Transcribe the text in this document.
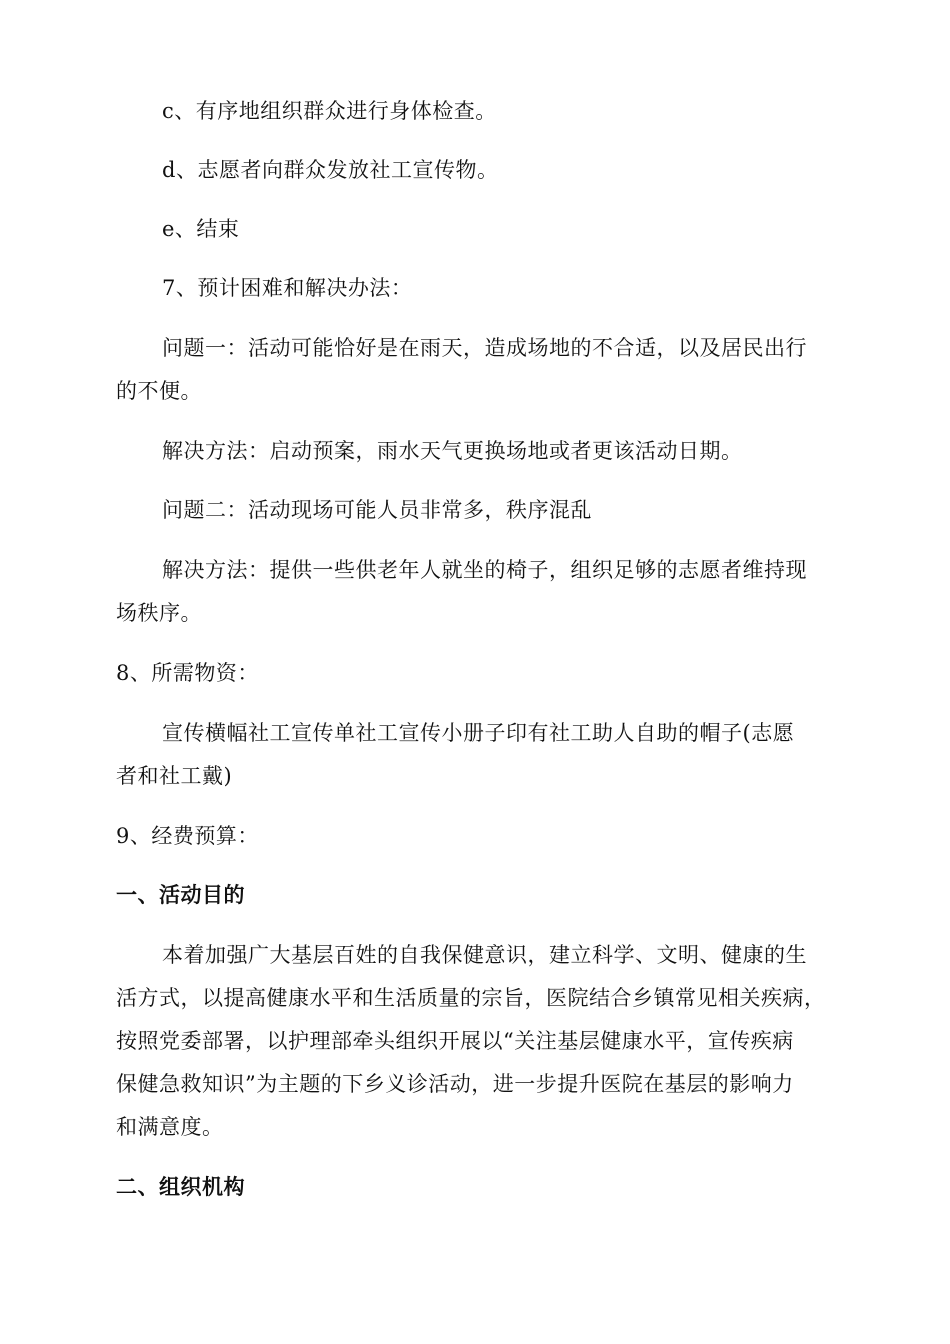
c、有序地组织群众进行身体检查。
d、志愿者向群众发放社工宣传物。
e、结束
7、预计困难和解决办法：
问题一：活动可能恰好是在雨天，造成场地的不合适，以及居民出行
的不便。
解决方法：启动预案，雨水天气更换场地或者更该活动日期。
问题二：活动现场可能人员非常多，秩序混乱
解决方法：提供一些供老年人就坐的椅子，组织足够的志愿者维持现
场秩序。
8、所需物资：
宣传横幅社工宣传单社工宣传小册子印有社工助人自助的帽子(志愿
者和社工戴)
9、经费预算：
一、活动目的
本着加强广大基层百姓的自我保健意识，建立科学、文明、健康的生
活方式，以提高健康水平和生活质量的宗旨，医院结合乡镇常见相关疾病，
按照党委部署，以护理部牵头组织开展以“关注基层健康水平，宣传疾病
保健急救知识”为主题的下乡义诊活动，进一步提升医院在基层的影响力
和满意度。
二、组织机构
